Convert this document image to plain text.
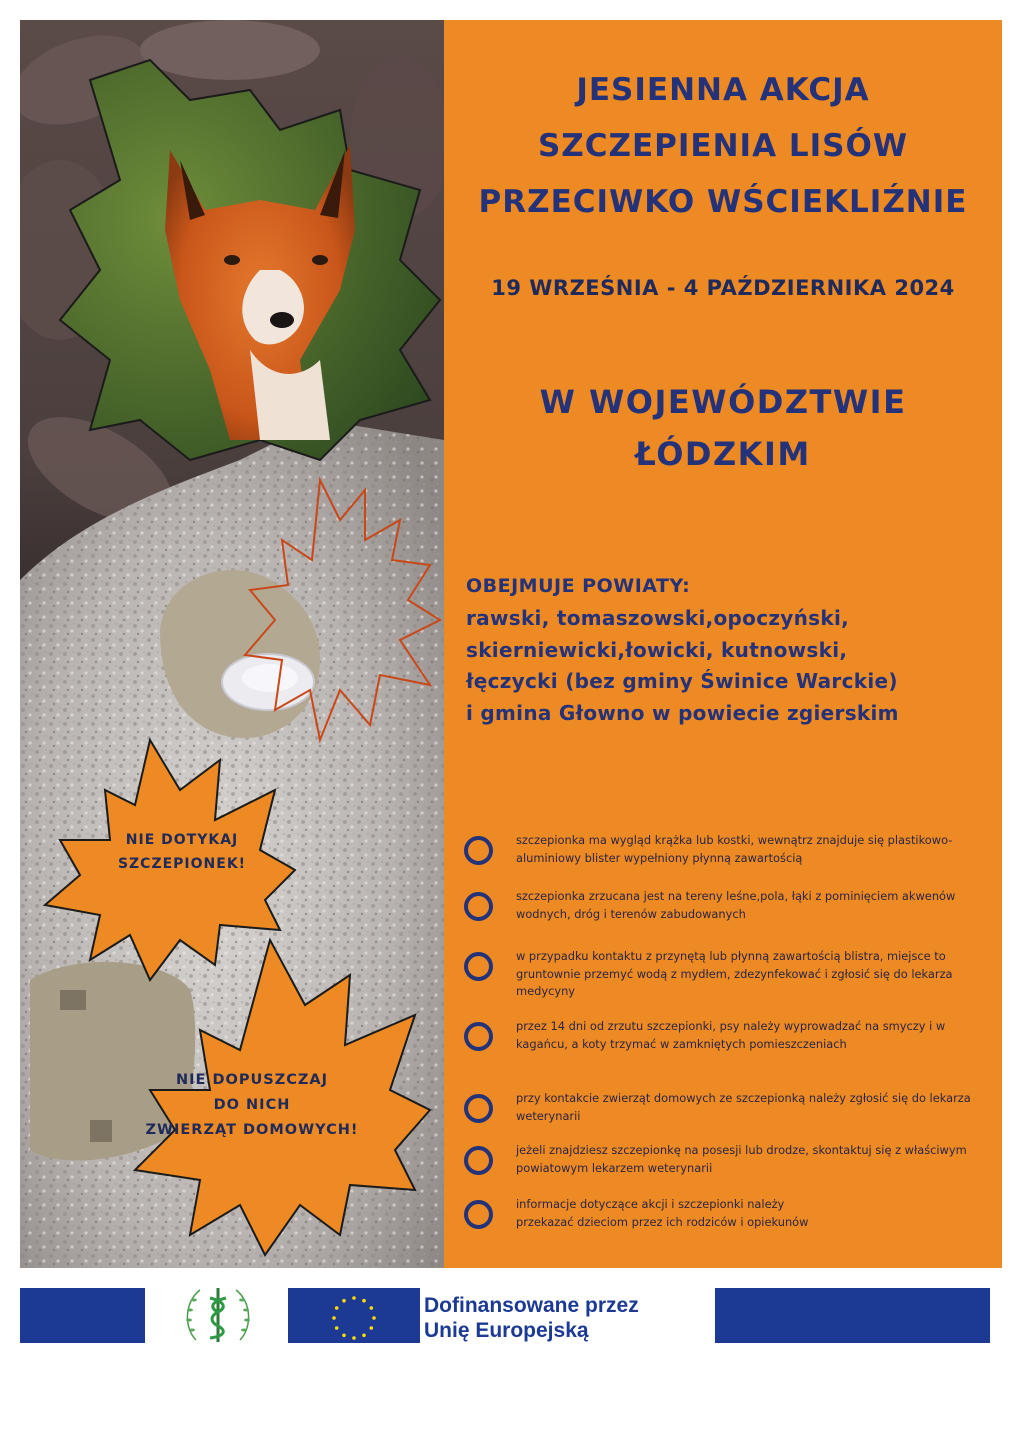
NIE DOTYKAJ
SZCZEPIONEK!
NIE DOPUSZCZAJ
DO NICH
ZWIERZĄT DOMOWYCH!
JESIENNA AKCJA
SZCZEPIENIA LISÓW
PRZECIWKO WŚCIEKLIŹNIE
19 WRZEŚNIA - 4 PAŹDZIERNIKA 2024
W WOJEWÓDZTWIE
ŁÓDZKIM
OBEJMUJE POWIATY:
rawski, tomaszowski,opoczyński,
skierniewicki,łowicki, kutnowski,
łęczycki (bez gminy Świnice Warckie)
i gmina Głowno w powiecie zgierskim
szczepionka ma wygląd krążka lub kostki, wewnątrz znajduje się plastikowo-aluminiowy blister wypełniony płynną zawartością
szczepionka zrzucana jest na tereny leśne,pola, łąki z pominięciem akwenów wodnych, dróg i terenów zabudowanych
w przypadku kontaktu z przynętą lub płynną zawartością blistra, miejsce to gruntownie przemyć wodą z mydłem, zdezynfekować i zgłosić się do lekarza medycyny
przez 14 dni od zrzutu szczepionki, psy należy wyprowadzać na smyczy i w kagańcu, a koty trzymać w zamkniętych pomieszczeniach
przy kontakcie zwierząt domowych ze szczepionką należy zgłosić się do lekarza weterynarii
jeżeli znajdziesz szczepionkę na posesji lub drodze, skontaktuj się z właściwym powiatowym lekarzem weterynarii
informacje dotyczące akcji i szczepionki należy przekazać dzieciom przez ich rodziców i opiekunów
Dofinansowane przez
Unię Europejską
